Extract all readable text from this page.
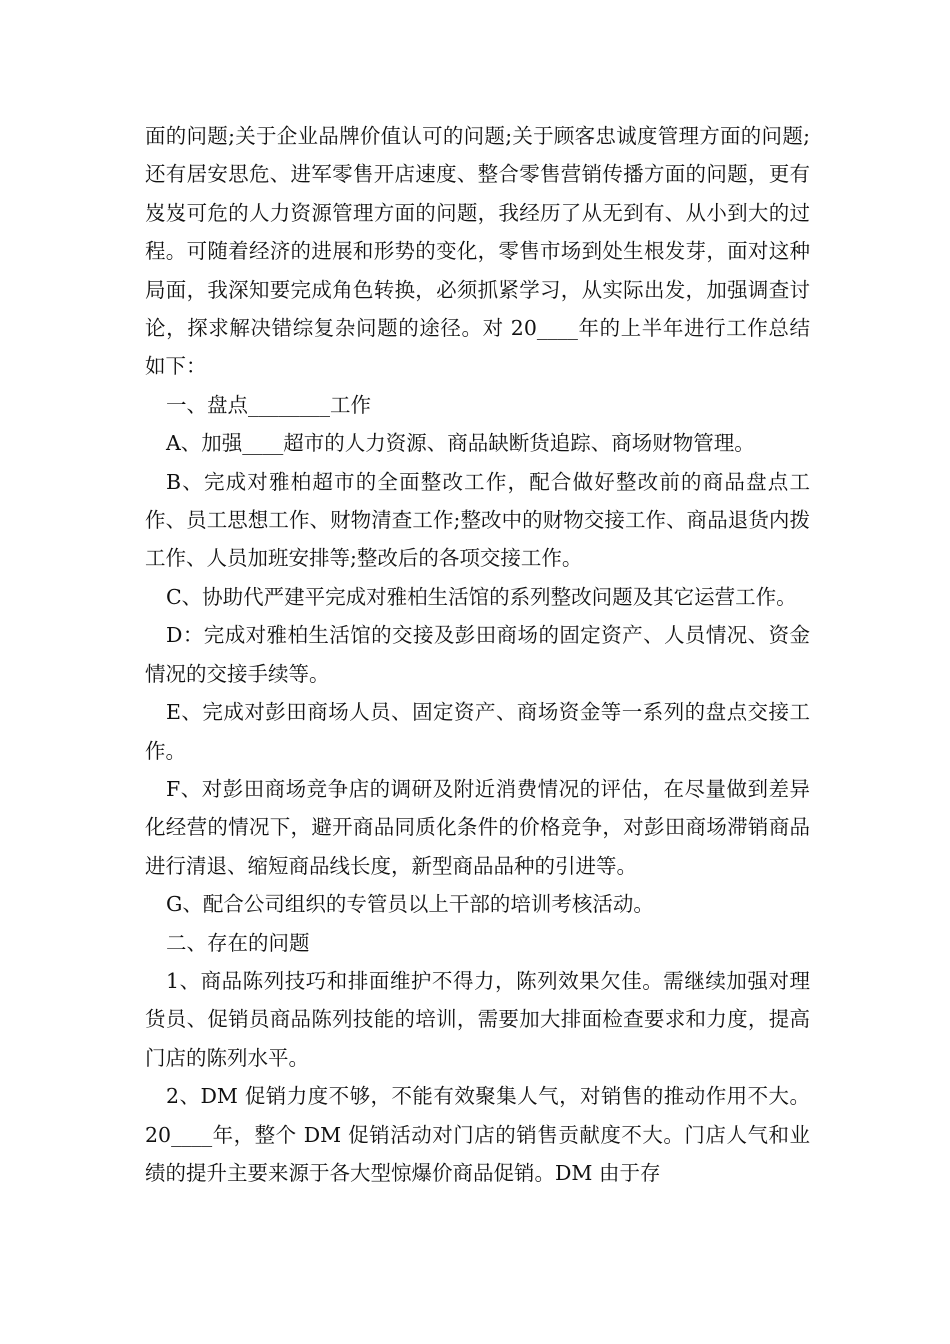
面的问题;关于企业品牌价值认可的问题;关于顾客忠诚度管理方面的问题;还有居安思危、进军零售开店速度、整合零售营销传播方面的问题，更有岌岌可危的人力资源管理方面的问题，我经历了从无到有、从小到大的过程。可随着经济的进展和形势的变化，零售市场到处生根发芽，面对这种局面，我深知要完成角色转换，必须抓紧学习，从实际出发，加强调查讨论，探求解决错综复杂问题的途径。对 20____年的上半年进行工作总结如下：

一、盘点________工作

A、加强____超市的人力资源、商品缺断货追踪、商场财物管理。

B、完成对雅柏超市的全面整改工作，配合做好整改前的商品盘点工作、员工思想工作、财物清查工作;整改中的财物交接工作、商品退货内拨工作、人员加班安排等;整改后的各项交接工作。

C、协助代严建平完成对雅柏生活馆的系列整改问题及其它运营工作。

D：完成对雅柏生活馆的交接及彭田商场的固定资产、人员情况、资金情况的交接手续等。

E、完成对彭田商场人员、固定资产、商场资金等一系列的盘点交接工作。

F、对彭田商场竞争店的调研及附近消费情况的评估，在尽量做到差异化经营的情况下，避开商品同质化条件的价格竞争，对彭田商场滞销商品进行清退、缩短商品线长度，新型商品品种的引进等。

G、配合公司组织的专管员以上干部的培训考核活动。

二、存在的问题

1、商品陈列技巧和排面维护不得力，陈列效果欠佳。需继续加强对理货员、促销员商品陈列技能的培训，需要加大排面检查要求和力度，提高门店的陈列水平。

2、DM 促销力度不够，不能有效聚集人气，对销售的推动作用不大。20____年，整个 DM 促销活动对门店的销售贡献度不大。门店人气和业绩的提升主要来源于各大型惊爆价商品促销。DM 由于存
